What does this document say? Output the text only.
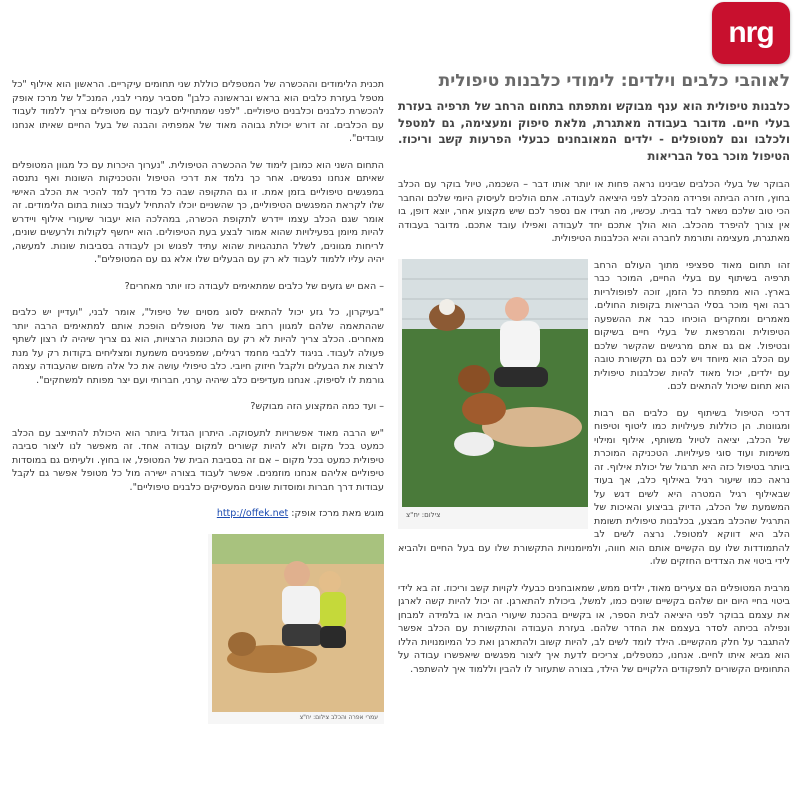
nrg
לאוהבי כלבים וילדים: לימודי כלבנות טיפולית

כלבנות טיפולית הוא ענף מבוקש ומתפתח בתחום הרחב של תרפיה בעזרת בעלי חיים. מדובר בעבודה מאתגרת, מלאת סיפוק ומעצימה, גם למטפל ולכלבו וגם למטופלים - ילדים המאובחנים כבעלי הפרעות קשב וריכוז. הטיפול מוכר בסל הבריאות

הבוקר של בעלי הכלבים שבינינו נראה פחות או יותר אותו דבר – השכמה, טיול בוקר עם הכלב בחוץ, חזרה הביתה ופרידה מהכלב לפני היציאה לעבודה. אתם הולכים לעיסוק היומי שלכם והחבר הכי טוב שלכם נשאר לבד בבית. עכשיו, מה תגידו אם נספר לכם שיש מקצוע אחר, יוצא דופן, בו אין צורך להיפרד מהכלב. הוא הולך אתכם יחד לעבודה ואפילו עובד אתכם. מדובר בעבודה מאתגרת, מעצימה ותורמת לחברה והיא הכלבנות הטיפולית.

צילום: יח"צ

זהו תחום מאוד ספציפי מתוך העולם הרחב תרפיה בשיתוף עם בעלי החיים, המוכר כבר בארץ. הוא מתפתח כל הזמן, זוכה לפופולריות רבה ואף מוכר בסלי הבריאות בקופות החולים. מאמרים ומחקרים הוכיחו כבר את ההשפעה הטיפולית והמרפאת של בעלי חיים בשיקום ובטיפול. אם גם אתם מרגישים שהקשר שלכם עם הכלב הוא מיוחד ויש לכם גם תקשורת טובה עם ילדים, יכול מאוד להיות שכלבנות טיפולית הוא תחום שיכול להתאים לכם.

דרכי הטיפול בשיתוף עם כלבים הם רבות ומגוונות. הן כוללות פעילויות כמו ליטוף וטיפוח של הכלב, יציאה לטיול משותף, אילוף ומילוי משימות ועוד סוגי פעילויות. הטכניקה המוכרת ביותר בטיפול כזה היא תרגול של יכולת אילוף. זה נראה כמו שיעור רגיל באילוף כלב, אך בעוד שבאילוף רגיל המטרה היא לשים דגש על המשמעת של הכלב, הדיוק בביצוע והאיכות של התרגיל שהכלב מבצע, בכלבנות טיפולית תשומת הלב היא דווקא למטופל. נרצה לשים לב להתמודדות שלו עם הקשיים אותם הוא חווה, ולמיומנויות התקשורת שלו עם בעל החיים ולהביא לידי ביטוי את הצדדים החזקים שלו.

מרבית המטופלים הם צעירים מאוד, ילדים ממש, שמאובחנים כבעלי לקויות קשב וריכוז. זה בא לידי ביטוי בחיי היום יום שלהם בקשיים שונים כמו, למשל, ביכולת להתארגן. זה יכול להיות קשה לארגן את עצמם בבוקר לפני היציאה לבית הספר, או בקשיים בהכנת שיעורי הבית או בלמידה למבחן ונפילה בכיתה לסדר בעצמם את החדר שלהם. בעזרת העבודה והתקשורת עם הכלב אפשר להתגבר על חלק מהקשיים. הילד לומד לשים לב, להיות קשוב ולהתארגן ואת כל המיומנויות הללו הוא מביא איתו לחיים. אנחנו, כמטפלים, צריכים לדעת איך ליצור מפגשים שיאפשרו עבודה על התחומים הקשורים לתפקודים הלקויים של הילד, בצורה שתעזור לו להבין וללמוד איך להשתפר.

תכנית הלימודים וההכשרה של המטפלים כוללת שני תחומים עיקריים. הראשון הוא אילוף "כל מטפל בעזרת כלבים הוא בראש ובראשונה כלבן" מסביר עמרי לבני, המנכ"ל של מרכז אופק להכשרת כלבנים וכלבנים טיפוליים. "לפני שמתחילים לעבוד עם מטופלים צריך ללמוד לעבוד עם הכלבים. זה דורש יכולת גבוהה מאוד של אמפתיה והבנה של בעל החיים שאיתו אנחנו עובדים".

התחום השני הוא כמובן לימוד של ההכשרה הטיפולית. "נערוך היכרות עם כל מגוון המטופלים שאיתם אנחנו נפגשים. אחר כך נלמד את דרכי הטיפול והטכניקות השונות ואף נתנסה במפגשים טיפוליים בזמן אמת. זו גם התקופה שבה כל מדריך למד להכיר את הכלב האישי שלו לקראת המפגשים הטיפוליים, כך שהשניים יוכלו להתחיל לעבוד כצוות בתום הלימודים. זה אומר שגם הכלב עצמו יידרש לתקופת הכשרה, במהלכה הוא יעבור שיעורי אילוף ויידרש להיות מיומן בפעילויות שהוא אמור לבצע בעת הטיפולים. הוא ייחשף לקולות ולרעשים שונים, לריחות מגוונים, לשלל התנהגויות שהוא עתיד לפגוש וכן לעבודה בסביבות שונות. למעשה, יהיה עליו ללמוד לעבוד לא רק עם הבעלים שלו אלא גם עם המטופלים".

– האם יש גזעים של כלבים שמתאימים לעבודה כזו יותר מאחרים?

"בעיקרון, כל גזע יכול להתאים לסוג מסוים של טיפול", אומר לבני, "ועדיין יש כלבים שההתאמה שלהם למגוון רחב מאוד של מטופלים הופכת אותם למתאימים הרבה יותר מאחרים. הכלב צריך להיות לא רק עם התכונות הרצויות, הוא גם צריך שיהיה לו רצון לשתף פעולה לעבוד. בניגוד ללבבי מחמד רגילים, שמפגינים משמעת ומצליחים בקודות רק על מנת לרצות את הבעלים ולקבל חיזוק חיובי. כלב טיפולי עושה את כל אלה משום שהעבודה עצמה גורמת לו לסיפוק. אנחנו מעדיפים כלב שיהיה ערני, חברותי ועם יצר מפותח למשחקים".

– ועד כמה המקצוע הזה מבוקש?

"יש הרבה מאוד אפשרויות לתעסוקה. היתרון הגדול ביותר הוא היכולת להתייצב עם הכלב כמעט בכל מקום ולא להיות קשורים למקום עבודה אחד. זה מאפשר לנו ליצור סביבה טיפולית כמעט בכל מקום – אם זה בסביבת הבית של המטופל, או בחוץ. ולעיתים גם במוסדות טיפוליים אליהם אנחנו מוזמנים. אפשר לעבוד בצורה ישירה מול כל מטופל אפשר גם לקבל עבודות דרך חברות ומוסדות שונים המעסיקים כלבנים טיפוליים".

מוגש מאת מרכז אופק: http://offek.net

עמרי אפרה והכלב צילום: יח"צ
